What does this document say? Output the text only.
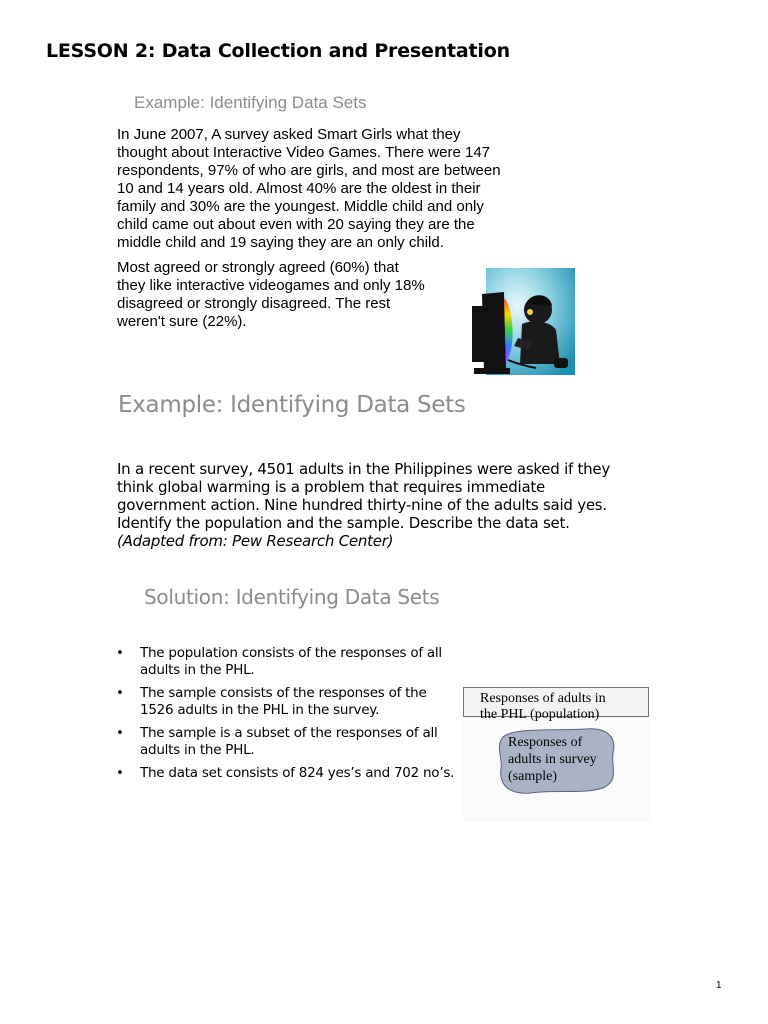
LESSON 2: Data Collection and Presentation
Example: Identifying Data Sets
In June 2007, A survey asked Smart Girls what they
thought about Interactive Video Games. There were 147
respondents, 97% of who are girls, and most are between
10 and 14 years old. Almost 40% are the oldest in their
family and 30% are the youngest. Middle child and only
child came out about even with 20 saying they are the
middle child and 19 saying they are an only child.
Most agreed or strongly agreed (60%) that
they like interactive videogames and only 18%
disagreed or strongly disagreed. The rest
weren't sure (22%).
Example: Identifying Data Sets
In a recent survey, 4501 adults in the Philippines were asked if they
think global warming is a problem that requires immediate
government action. Nine hundred thirty-nine of the adults said yes.
Identify the population and the sample. Describe the data set.
(Adapted from: Pew Research Center)
Solution: Identifying Data Sets
• The population consists of the responses of all adults in the PHL.
• The sample consists of the responses of the 1526 adults in the PHL in the survey.
• The sample is a subset of the responses of all adults in the PHL.
• The data set consists of 824 yes’s and 702 no’s.
Responses of adults in
the PHL (population)
Responses of
adults in survey
(sample)
1
